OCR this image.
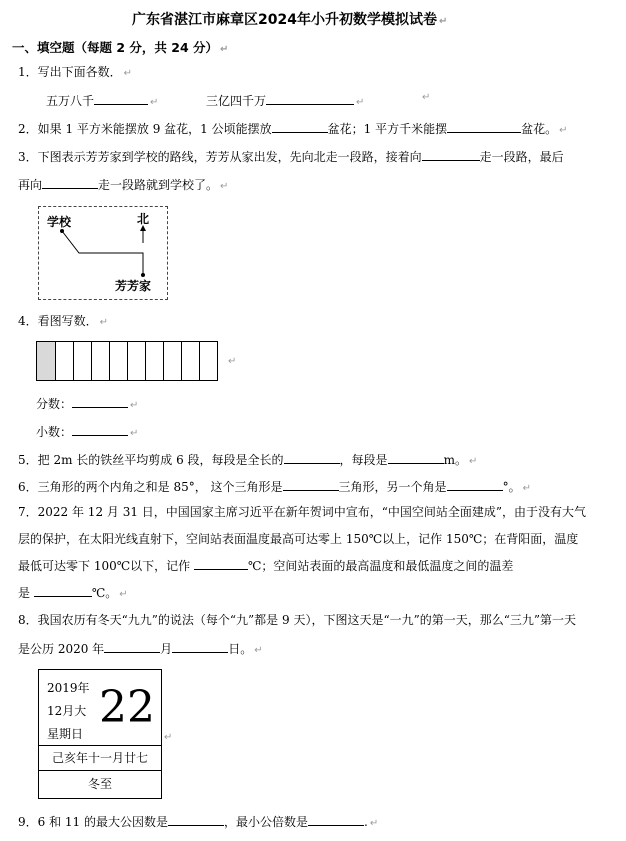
广东省湛江市麻章区2024年小升初数学模拟试卷 ↵
一、填空题（每题 2 分，共 24 分） ↵
1．写出下面各数． ↵
五万八千	↵	三亿四千万	↵	↵
2．如果 1 平方米能摆放 9 盆花，1 公顷能摆放	盆花；1 平方千米能摆	盆花。 ↵
3．下图表示芳芳家到学校的路线，芳芳从家出发，先向北走一段路，接着向	走一段路，最后
再向	走一段路就到学校了。 ↵
学校	北
芳芳家
4．看图写数． ↵
↵
分数：	↵
小数：	↵
5．把 2m 长的铁丝平均剪成 6 段，每段是全长的	，每段是	m。 ↵
6．三角形的两个内角之和是 85°， 这个三角形是	三角形，另一个角是	°。 ↵
7．2022 年 12 月 31 日，中国国家主席习近平在新年贺词中宣布，“中国空间站全面建成”，由于没有大气
层的保护，在太阳光线直射下，空间站表面温度最高可达零上 150℃以上，记作 150℃；在背阳面，温度
最低可达零下 100℃以下，记作	℃；空间站表面的最高温度和最低温度之间的温差
是	℃。 ↵
8．我国农历有冬天“九九”的说法（每个“九”都是 9 天），下图这天是“一九”的第一天，那么“三九”第一天
是公历 2020 年	月	日。 ↵
2019年
12月大
星期日
22
己亥年十一月廿七
冬至
↵
9．6 和 11 的最大公因数是	，最小公倍数是	. ↵
